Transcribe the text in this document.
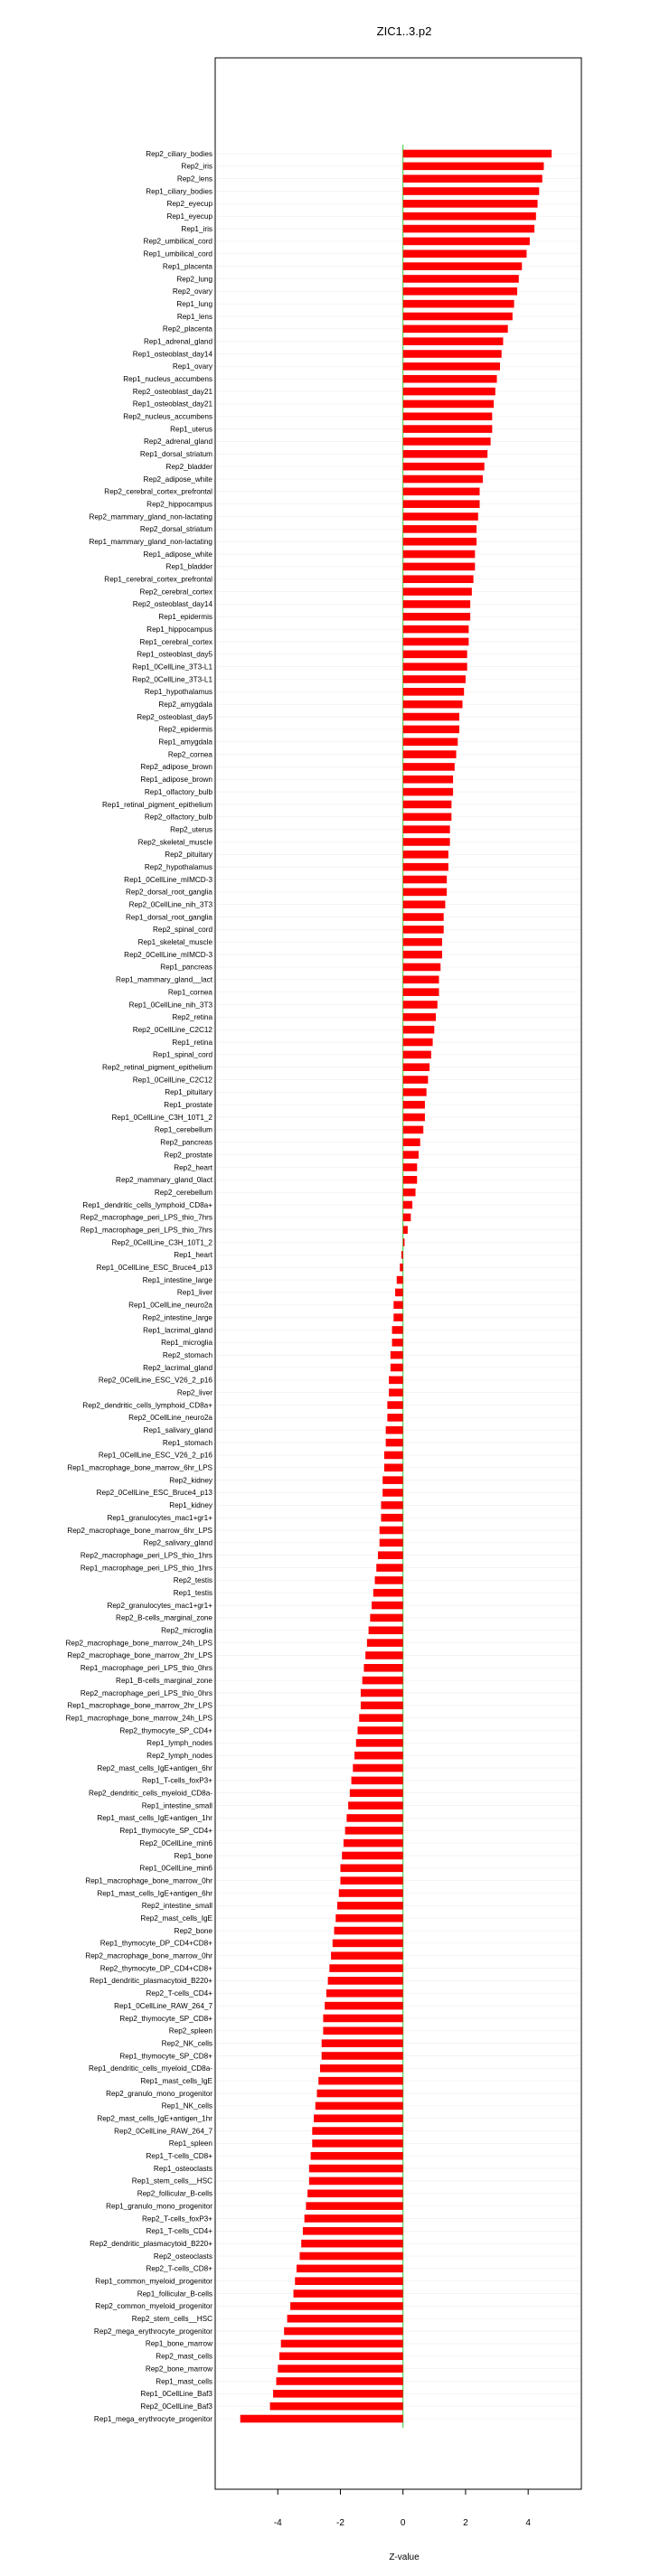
ZIC1..3.p2
Rep2_ciliary_bodies
Rep2_iris
Rep2_lens
Rep1_ciliary_bodies
Rep2_eyecup
Rep1_eyecup
Rep1_iris
Rep2_umbilical_cord
Rep1_umbilical_cord
Rep1_placenta
Rep2_lung
Rep2_ovary
Rep1_lung
Rep1_lens
Rep2_placenta
Rep1_adrenal_gland
Rep1_osteoblast_day14
Rep1_ovary
Rep1_nucleus_accumbens
Rep2_osteoblast_day21
Rep1_osteoblast_day21
Rep2_nucleus_accumbens
Rep1_uterus
Rep2_adrenal_gland
Rep1_dorsal_striatum
Rep2_bladder
Rep2_adipose_white
Rep2_cerebral_cortex_prefrontal
Rep2_hippocampus
Rep2_mammary_gland_non-lactating
Rep2_dorsal_striatum
Rep1_mammary_gland_non-lactating
Rep1_adipose_white
Rep1_bladder
Rep1_cerebral_cortex_prefrontal
Rep2_cerebral_cortex
Rep2_osteoblast_day14
Rep1_epidermis
Rep1_hippocampus
Rep1_cerebral_cortex
Rep1_osteoblast_day5
Rep1_0CellLine_3T3-L1
Rep2_0CellLine_3T3-L1
Rep1_hypothalamus
Rep2_amygdala
Rep2_osteoblast_day5
Rep2_epidermis
Rep1_amygdala
Rep2_cornea
Rep2_adipose_brown
Rep1_adipose_brown
Rep1_olfactory_bulb
Rep1_retinal_pigment_epithelium
Rep2_olfactory_bulb
Rep2_uterus
Rep2_skeletal_muscle
Rep2_pituitary
Rep2_hypothalamus
Rep1_0CellLine_mIMCD-3
Rep2_dorsal_root_ganglia
Rep2_0CellLine_nih_3T3
Rep1_dorsal_root_ganglia
Rep2_spinal_cord
Rep1_skeletal_muscle
Rep2_0CellLine_mIMCD-3
Rep1_pancreas
Rep1_mammary_gland__lact
Rep1_cornea
Rep1_0CellLine_nih_3T3
Rep2_retina
Rep2_0CellLine_C2C12
Rep1_retina
Rep1_spinal_cord
Rep2_retinal_pigment_epithelium
Rep1_0CellLine_C2C12
Rep1_pituitary
Rep1_prostate
Rep1_0CellLine_C3H_10T1_2
Rep1_cerebellum
Rep2_pancreas
Rep2_prostate
Rep2_heart
Rep2_mammary_gland_0lact
Rep2_cerebellum
Rep1_dendritic_cells_lymphoid_CD8a+
Rep2_macrophage_peri_LPS_thio_7hrs
Rep1_macrophage_peri_LPS_thio_7hrs
Rep2_0CellLine_C3H_10T1_2
Rep1_heart
Rep1_0CellLine_ESC_Bruce4_p13
Rep1_intestine_large
Rep1_liver
Rep1_0CellLine_neuro2a
Rep2_intestine_large
Rep1_lacrimal_gland
Rep1_microglia
Rep2_stomach
Rep2_lacrimal_gland
Rep2_0CellLine_ESC_V26_2_p16
Rep2_liver
Rep2_dendritic_cells_lymphoid_CD8a+
Rep2_0CellLine_neuro2a
Rep1_salivary_gland
Rep1_stomach
Rep1_0CellLine_ESC_V26_2_p16
Rep1_macrophage_bone_marrow_6hr_LPS
Rep2_kidney
Rep2_0CellLine_ESC_Bruce4_p13
Rep1_kidney
Rep1_granulocytes_mac1+gr1+
Rep2_macrophage_bone_marrow_6hr_LPS
Rep2_salivary_gland
Rep2_macrophage_peri_LPS_thio_1hrs
Rep1_macrophage_peri_LPS_thio_1hrs
Rep2_testis
Rep1_testis
Rep2_granulocytes_mac1+gr1+
Rep2_B-cells_marginal_zone
Rep2_microglia
Rep2_macrophage_bone_marrow_24h_LPS
Rep2_macrophage_bone_marrow_2hr_LPS
Rep1_macrophage_peri_LPS_thio_0hrs
Rep1_B-cells_marginal_zone
Rep2_macrophage_peri_LPS_thio_0hrs
Rep1_macrophage_bone_marrow_2hr_LPS
Rep1_macrophage_bone_marrow_24h_LPS
Rep2_thymocyte_SP_CD4+
Rep1_lymph_nodes
Rep2_lymph_nodes
Rep2_mast_cells_IgE+antigen_6hr
Rep1_T-cells_foxP3+
Rep2_dendritic_cells_myeloid_CD8a-
Rep1_intestine_small
Rep1_mast_cells_IgE+antigen_1hr
Rep1_thymocyte_SP_CD4+
Rep2_0CellLine_min6
Rep1_bone
Rep1_0CellLine_min6
Rep1_macrophage_bone_marrow_0hr
Rep1_mast_cells_IgE+antigen_6hr
Rep2_intestine_small
Rep2_mast_cells_IgE
Rep2_bone
Rep1_thymocyte_DP_CD4+CD8+
Rep2_macrophage_bone_marrow_0hr
Rep2_thymocyte_DP_CD4+CD8+
Rep1_dendritic_plasmacytoid_B220+
Rep2_T-cells_CD4+
Rep1_0CellLine_RAW_264_7
Rep2_thymocyte_SP_CD8+
Rep2_spleen
Rep2_NK_cells
Rep1_thymocyte_SP_CD8+
Rep1_dendritic_cells_myeloid_CD8a-
Rep1_mast_cells_IgE
Rep2_granulo_mono_progenitor
Rep1_NK_cells
Rep2_mast_cells_IgE+antigen_1hr
Rep2_0CellLine_RAW_264_7
Rep1_spleen
Rep1_T-cells_CD8+
Rep1_osteoclasts
Rep1_stem_cells__HSC
Rep2_follicular_B-cells
Rep1_granulo_mono_progenitor
Rep2_T-cells_foxP3+
Rep1_T-cells_CD4+
Rep2_dendritic_plasmacytoid_B220+
Rep2_osteoclasts
Rep2_T-cells_CD8+
Rep1_common_myeloid_progenitor
Rep1_follicular_B-cells
Rep2_common_myeloid_progenitor
Rep2_stem_cells__HSC
Rep2_mega_erythrocyte_progenitor
Rep1_bone_marrow
Rep2_mast_cells
Rep2_bone_marrow
Rep1_mast_cells
Rep1_0CellLine_Baf3
Rep2_0CellLine_Baf3
Rep1_mega_erythrocyte_progenitor
-4	-2	0	2	4
Z-value
